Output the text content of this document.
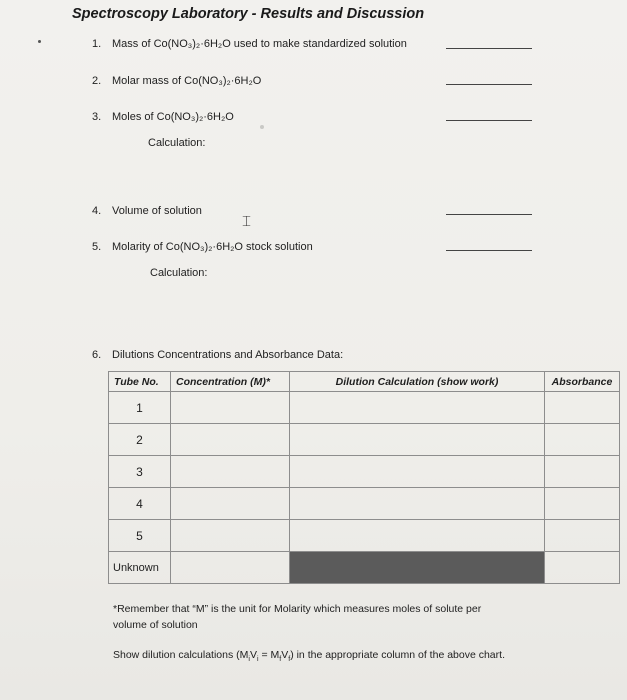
Spectroscopy Laboratory - Results and Discussion
1. Mass of Co(NO₃)₂·6H₂O used to make standardized solution
2. Molar mass of Co(NO₃)₂·6H₂O
3. Moles of Co(NO₃)₂·6H₂O
Calculation:
4. Volume of solution
⌶
5. Molarity of Co(NO₃)₂·6H₂O stock solution
Calculation:
6. Dilutions Concentrations and Absorbance Data:
Tube No.	Concentration (M)*	Dilution Calculation (show work)	Absorbance
1			
2			
3			
4			
5			
Unknown			
*Remember that “M” is the unit for Molarity which measures moles of solute per
volume of solution
Show dilution calculations $(M_iV_i = M_fV_f)$ in the appropriate column of the above chart.
